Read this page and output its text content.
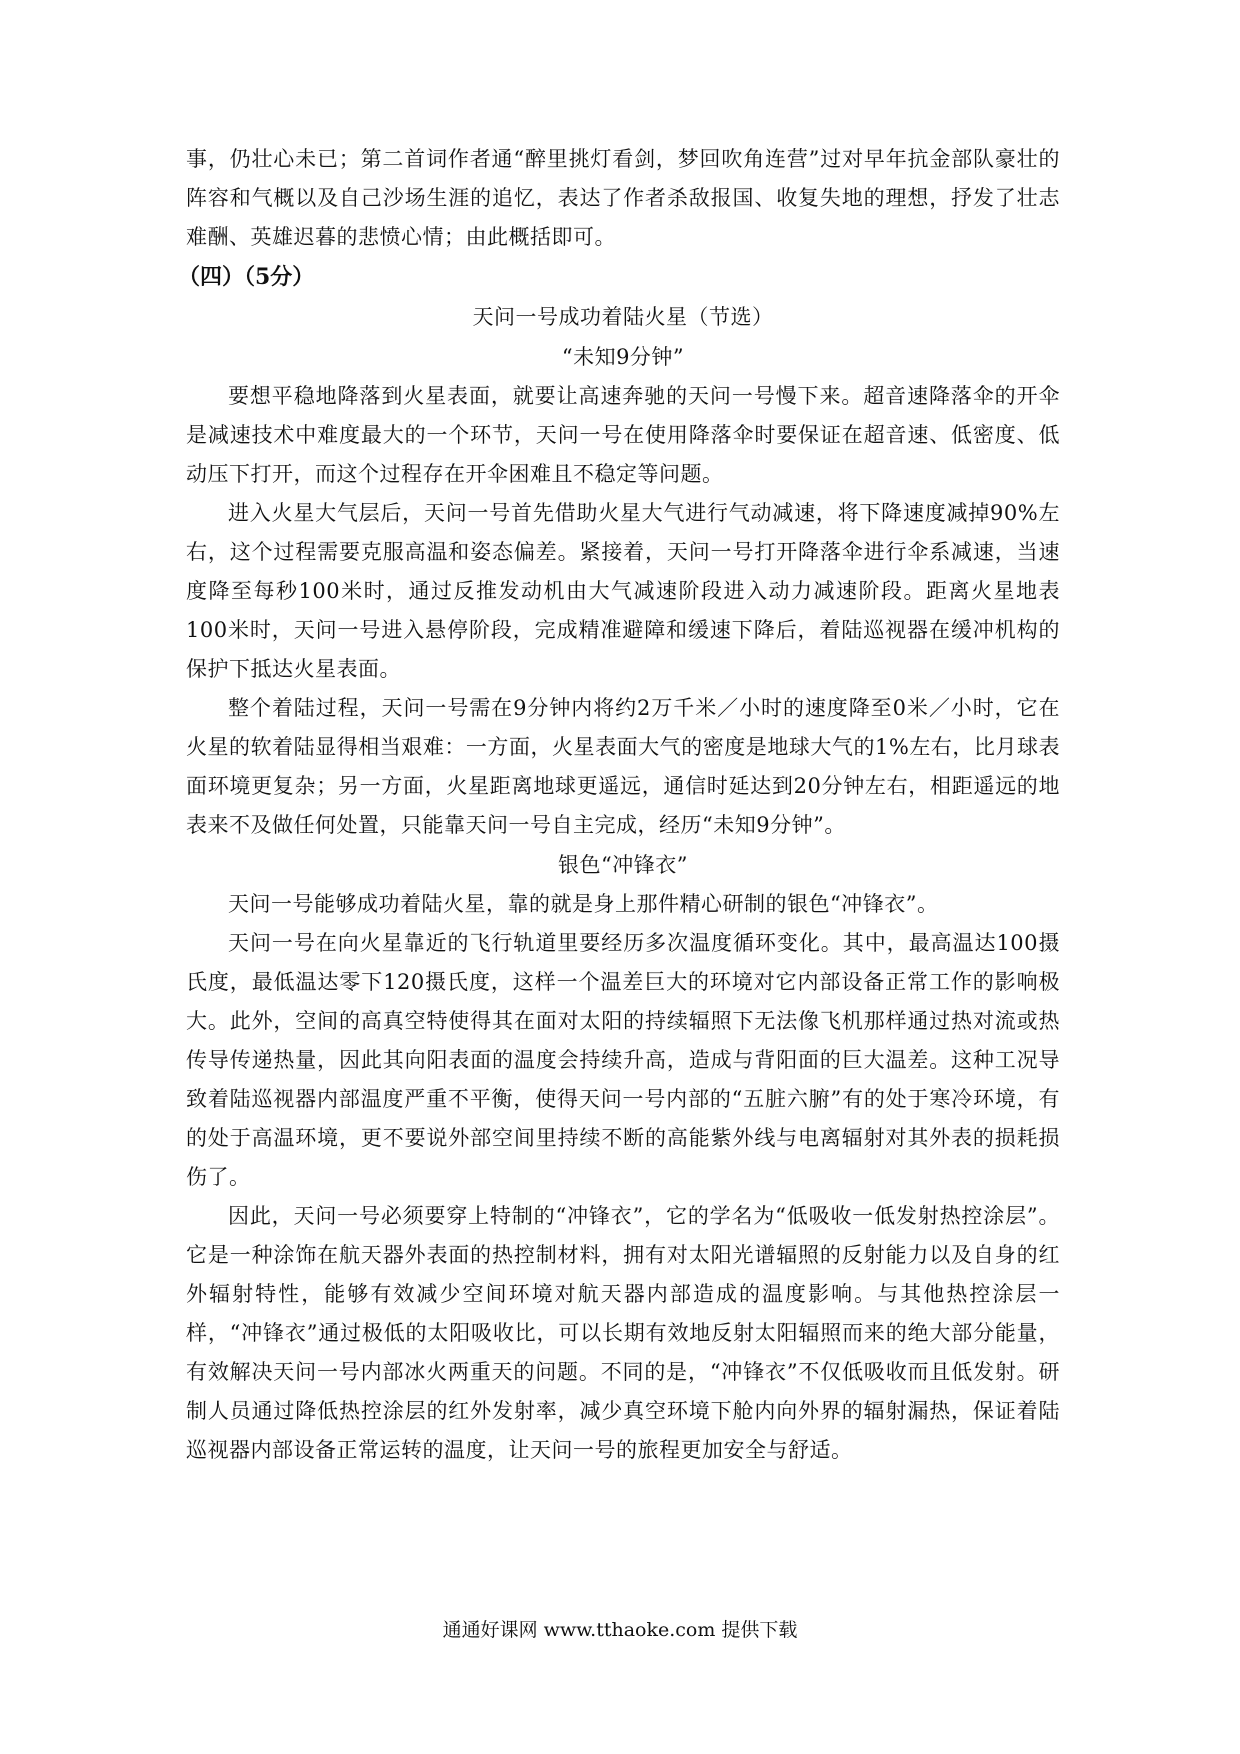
事，仍壮心未已；第二首词作者通“醉里挑灯看剑，梦回吹角连营”过对早年抗金部队豪壮的阵容和气概以及自己沙场生涯的追忆，表达了作者杀敌报国、收复失地的理想，抒发了壮志难酬、英雄迟暮的悲愤心情；由此概括即可。

（四）（5分）

天问一号成功着陆火星（节选）

“未知9分钟”

要想平稳地降落到火星表面，就要让高速奔驰的天问一号慢下来。超音速降落伞的开伞是减速技术中难度最大的一个环节，天问一号在使用降落伞时要保证在超音速、低密度、低动压下打开，而这个过程存在开伞困难且不稳定等问题。

进入火星大气层后，天问一号首先借助火星大气进行气动减速，将下降速度减掉90%左右，这个过程需要克服高温和姿态偏差。紧接着，天问一号打开降落伞进行伞系减速，当速度降至每秒100米时，通过反推发动机由大气减速阶段进入动力减速阶段。距离火星地表100米时，天问一号进入悬停阶段，完成精准避障和缓速下降后，着陆巡视器在缓冲机构的保护下抵达火星表面。

整个着陆过程，天问一号需在9分钟内将约2万千米／小时的速度降至0米／小时，它在火星的软着陆显得相当艰难：一方面，火星表面大气的密度是地球大气的1%左右，比月球表面环境更复杂；另一方面，火星距离地球更遥远，通信时延达到20分钟左右，相距遥远的地表来不及做任何处置，只能靠天问一号自主完成，经历“未知9分钟”。

银色“冲锋衣”

天问一号能够成功着陆火星，靠的就是身上那件精心研制的银色“冲锋衣”。

天问一号在向火星靠近的飞行轨道里要经历多次温度循环变化。其中，最高温达100摄氏度，最低温达零下120摄氏度，这样一个温差巨大的环境对它内部设备正常工作的影响极大。此外，空间的高真空特使得其在面对太阳的持续辐照下无法像飞机那样通过热对流或热传导传递热量，因此其向阳表面的温度会持续升高，造成与背阳面的巨大温差。这种工况导致着陆巡视器内部温度严重不平衡，使得天问一号内部的“五脏六腑”有的处于寒冷环境，有的处于高温环境，更不要说外部空间里持续不断的高能紫外线与电离辐射对其外表的损耗损伤了。

因此，天问一号必须要穿上特制的“冲锋衣”，它的学名为“低吸收一低发射热控涂层”。它是一种涂饰在航天器外表面的热控制材料，拥有对太阳光谱辐照的反射能力以及自身的红外辐射特性，能够有效减少空间环境对航天器内部造成的温度影响。与其他热控涂层一样，“冲锋衣”通过极低的太阳吸收比，可以长期有效地反射太阳辐照而来的绝大部分能量，有效解决天问一号内部冰火两重天的问题。不同的是，“冲锋衣”不仅低吸收而且低发射。研制人员通过降低热控涂层的红外发射率，减少真空环境下舱内向外界的辐射漏热，保证着陆巡视器内部设备正常运转的温度，让天问一号的旅程更加安全与舒适。

通通好课网 www.tthaoke.com 提供下载
